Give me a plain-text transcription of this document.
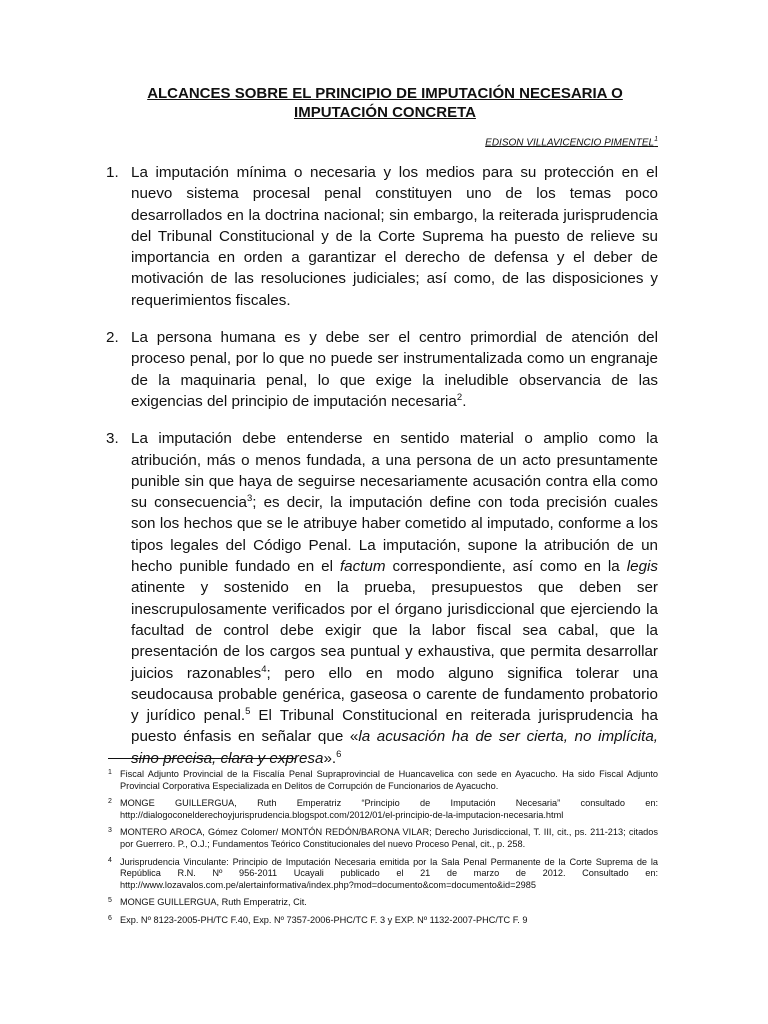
ALCANCES SOBRE EL PRINCIPIO DE IMPUTACIÓN NECESARIA O IMPUTACIÓN CONCRETA
EDISON VILLAVICENCIO PIMENTEL$^1$
1. La imputación mínima o necesaria y los medios para su protección en el nuevo sistema procesal penal constituyen uno de los temas poco desarrollados en la doctrina nacional; sin embargo, la reiterada jurisprudencia del Tribunal Constitucional y de la Corte Suprema ha puesto de relieve su importancia en orden a garantizar el derecho de defensa y el deber de motivación de las resoluciones judiciales; así como, de las disposiciones y requerimientos fiscales.
2. La persona humana es y debe ser el centro primordial de atención del proceso penal, por lo que no puede ser instrumentalizada como un engranaje de la maquinaria penal, lo que exige la ineludible observancia de las exigencias del principio de imputación necesaria$^2$.
3. La imputación debe entenderse en sentido material o amplio como la atribución, más o menos fundada, a una persona de un acto presuntamente punible sin que haya de seguirse necesariamente acusación contra ella como su consecuencia$^3$; es decir, la imputación define con toda precisión cuales son los hechos que se le atribuye haber cometido al imputado, conforme a los tipos legales del Código Penal. La imputación, supone la atribución de un hecho punible fundado en el factum correspondiente, así como en la legis atinente y sostenido en la prueba, presupuestos que deben ser inescrupulosamente verificados por el órgano jurisdiccional que ejerciendo la facultad de control debe exigir que la labor fiscal sea cabal, que la presentación de los cargos sea puntual y exhaustiva, que permita desarrollar juicios razonables$^4$; pero ello en modo alguno significa tolerar una seudocausa probable genérica, gaseosa o carente de fundamento probatorio y jurídico penal.$^5$ El Tribunal Constitucional en reiterada jurisprudencia ha puesto énfasis en señalar que «la acusación ha de ser cierta, no implícita, sino precisa, clara y expresa».$^6$
1 Fiscal Adjunto Provincial de la Fiscalía Penal Supraprovincial de Huancavelica con sede en Ayacucho. Ha sido Fiscal Adjunto Provincial Corporativa Especializada en Delitos de Corrupción de Funcionarios de Ayacucho.
2 MONGE GUILLERGUA, Ruth Emperatriz “Principio de Imputación Necesaria” consultado en: http://dialogoconelderechoyjurisprudencia.blogspot.com/2012/01/el-principio-de-la-imputacion-necesaria.html
3 MONTERO AROCA, Gómez Colomer/ MONTÓN REDÓN/BARONA VILAR; Derecho Jurisdiccional, T. III, cit., ps. 211-213; citados por Guerrero. P., O.J.; Fundamentos Teórico Constitucionales del nuevo Proceso Penal, cit., p. 258.
4 Jurisprudencia Vinculante: Principio de Imputación Necesaria emitida por la Sala Penal Permanente de la Corte Suprema de la República R.N. Nº 956-2011 Ucayali publicado el 21 de marzo de 2012. Consultado en: http://www.lozavalos.com.pe/alertainformativa/index.php?mod=documento&com=documento&id=2985
5 MONGE GUILLERGUA, Ruth Emperatriz, Cit.
6 Exp. Nº 8123-2005-PH/TC F.40, Exp. Nº 7357-2006-PHC/TC F. 3 y EXP. Nº 1132-2007-PHC/TC F. 9
